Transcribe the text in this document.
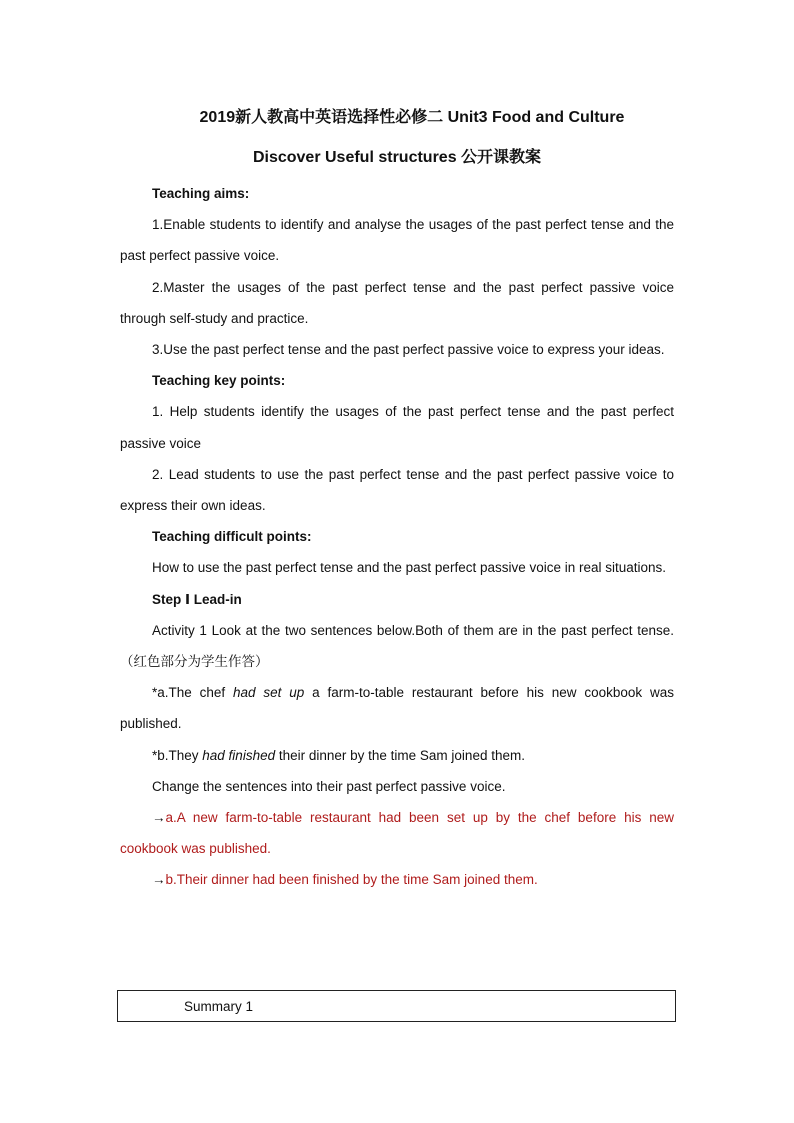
2019新人教高中英语选择性必修二 Unit3 Food and Culture
Discover Useful structures 公开课教案

Teaching aims:

1.Enable students to identify and analyse the usages of the past perfect tense and the past perfect passive voice.

2.Master the usages of the past perfect tense and the past perfect passive voice through self-study and practice.

3.Use the past perfect tense and the past perfect passive voice to express your ideas.

Teaching key points:

1. Help students identify the usages of the past perfect tense and the past perfect passive voice

2. Lead students to use the past perfect tense and the past perfect passive voice to express their own ideas.

Teaching difficult points:

How to use the past perfect tense and the past perfect passive voice in real situations.

Step Ⅰ Lead-in

Activity 1 Look at the two sentences below.Both of them are in the past perfect tense.（红色部分为学生作答）

*a.The chef had set up a farm-to-table restaurant before his new cookbook was published.

*b.They had finished their dinner by the time Sam joined them.

Change the sentences into their past perfect passive voice.

→a.A new farm-to-table restaurant had been set up by the chef before his new cookbook was published.

→b.Their dinner had been finished by the time Sam joined them.

Summary 1
